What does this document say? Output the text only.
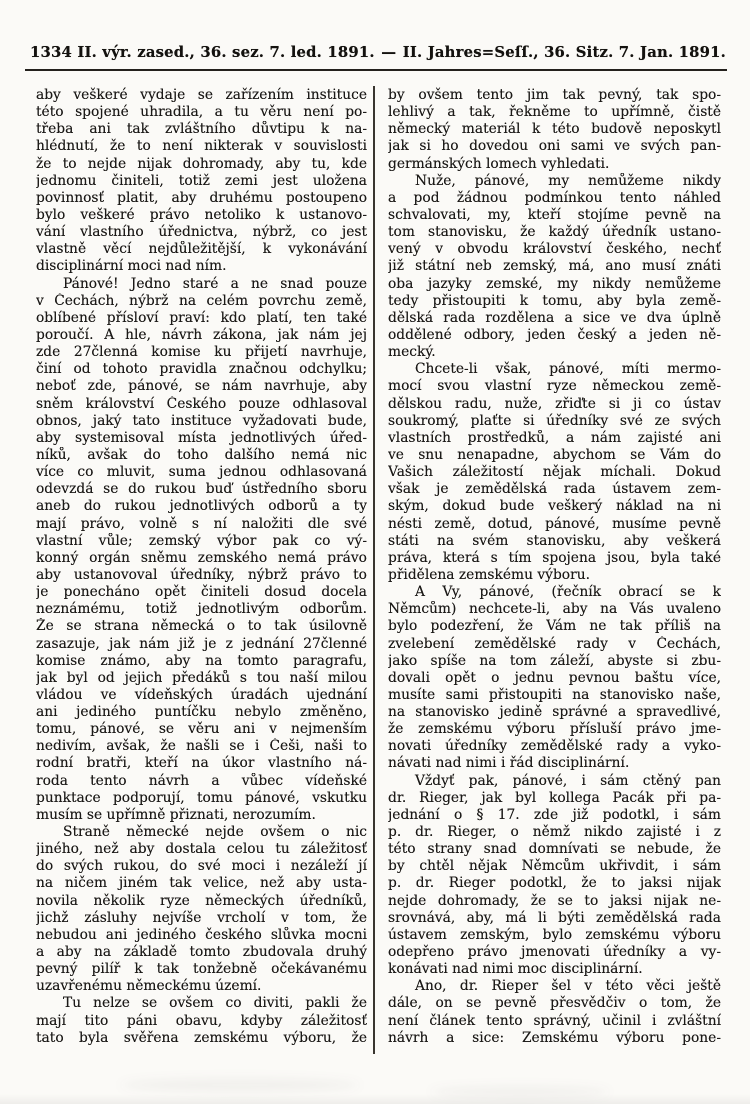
1334 II. výr. zased., 36. sez. 7. led. 1891. — II. Jahres=Seſſ., 36. Sitz. 7. Jan. 1891.
aby veškeré vydaje se zařízením instituce
této spojené uhradila, a tu věru není po-
třeba ani tak zvláštního důvtipu k na-
hlédnutí, že to není nikterak v souvislosti
že to nejde nijak dohromady, aby tu, kde
jednomu činiteli, totiž zemi jest uložena
povinnosť platit, aby druhému postoupeno
bylo veškeré právo netoliko k ustanovo-
vání vlastního úřednictva, nýbrž, co jest
vlastně věcí nejdůležitější, k vykonávání
disciplinární moci nad ním.
Pánové! Jedno staré a ne snad pouze
v Čechách, nýbrž na celém povrchu země,
oblíbené přísloví praví: kdo platí, ten také
poroučí. A hle, návrh zákona, jak nám jej
zde 27členná komise ku přijetí navrhuje,
činí od tohoto pravidla značnou odchylku;
neboť zde, pánové, se nám navrhuje, aby
sněm království Českého pouze odhlasoval
obnos, jaký tato instituce vyžadovati bude,
aby systemisoval místa jednotlivých úřed-
níků, avšak do toho dalšího nemá nic
více co mluvit, suma jednou odhlasovaná
odevzdá se do rukou buď ústředního sboru
aneb do rukou jednotlivých odborů a ty
mají právo, volně s ní naložiti dle své
vlastní vůle; zemský výbor pak co vý-
konný orgán sněmu zemského nemá právo
aby ustanovoval úředníky, nýbrž právo to
je ponecháno opět činiteli dosud docela
neznámému, totiž jednotlivým odborům.
Že se strana německá o to tak úsilovně
zasazuje, jak nám již je z jednání 27členné
komise známo, aby na tomto paragrafu,
jak byl od jejich předáků s tou naší milou
vládou ve vídeňských úradách ujednání
ani jediného puntíčku nebylo změněno,
tomu, pánové, se věru ani v nejmenším
nedivím, avšak, že našli se i Češi, naši to
rodní bratři, kteří na úkor vlastního ná-
roda tento návrh a vůbec vídeňské
punktace podporují, tomu pánové, vskutku
musím se upřímně přiznati, nerozumím.
Straně německé nejde ovšem o nic
jiného, než aby dostala celou tu záležitosť
do svých rukou, do své moci i nezáleží jí
na ničem jiném tak velice, než aby usta-
novila několik ryze německých úředníků,
jichž zásluhy nejvíše vrcholí v tom, že
nebudou ani jediného českého slůvka mocni
a aby na základě tomto zbudovala druhý
pevný pilíř k tak tonžebně očekávanému
uzavřenému německému území.
Tu nelze se ovšem co diviti, pakli že
mají tito páni obavu, kdyby záležitosť
tato byla svěřena zemskému výboru, že
by ovšem tento jim tak pevný, tak spo-
lehlivý a tak, řekněme to upřímně, čistě
německý materiál k této budově neposkytl
jak si ho dovedou oni sami ve svých pan-
germánských lomech vyhledati.
Nuže, pánové, my nemůžeme nikdy
a pod žádnou podmínkou tento náhled
schvalovati, my, kteří stojíme pevně na
tom stanovisku, že každý úředník ustano-
vený v obvodu království českého, nechť
již státní neb zemský, má, ano musí znáti
oba jazyky zemské, my nikdy nemůžeme
tedy přistoupiti k tomu, aby byla země-
dělská rada rozdělena a sice ve dva úplně
oddělené odbory, jeden český a jeden ně-
mecký.
Chcete-li však, pánové, míti mermo-
mocí svou vlastní ryze německou země-
dělskou radu, nuže, zřiďte si ji co ústav
soukromý, plaťte si úředníky své ze svých
vlastních prostředků, a nám zajisté ani
ve snu nenapadne, abychom se Vám do
Vašich záležitostí nějak míchali. Dokud
však je zemědělská rada ústavem zem-
ským, dokud bude veškerý náklad na ni
nésti země, dotud, pánové, musíme pevně
státi na svém stanovisku, aby veškerá
práva, která s tím spojena jsou, byla také
přidělena zemskému výboru.
A Vy, pánové, (řečník obrací se k
Němcům) nechcete-li, aby na Vás uvaleno
bylo podezření, že Vám ne tak příliš na
zvelebení zemědělské rady v Čechách,
jako spíše na tom záleží, abyste si zbu-
dovali opět o jednu pevnou baštu více,
musíte sami přistoupiti na stanovisko naše,
na stanovisko jedině správné a spravedlivé,
že zemskému výboru přísluší právo jme-
novati úředníky zemědělské rady a vyko-
návati nad nimi i řád disciplinární.
Vždyť pak, pánové, i sám ctěný pan
dr. Rieger, jak byl kollega Pacák při pa-
jednání o § 17. zde již podotkl, i sám
p. dr. Rieger, o němž nikdo zajisté i z
této strany snad domnívati se nebude, že
by chtěl nějak Němcům ukřivdit, i sám
p. dr. Rieger podotkl, že to jaksi nijak
nejde dohromady, že se to jaksi nijak ne-
srovnává, aby, má li býti zemědělská rada
ústavem zemským, bylo zemskému výboru
odepřeno právo jmenovati úředníky a vy-
konávati nad nimi moc disciplinární.
Ano, dr. Rieper šel v této věci ještě
dále, on se pevně přesvědčiv o tom, že
není článek tento správný, učinil i zvláštní
návrh a sice: Zemskému výboru pone-
